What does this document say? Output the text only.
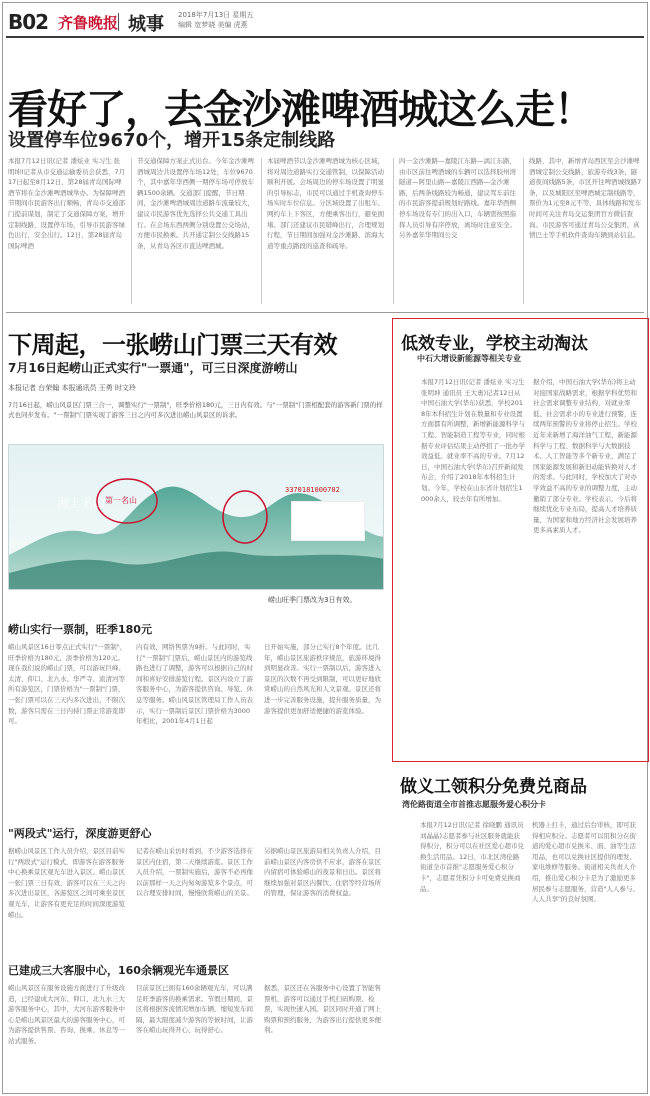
B02 齐鲁晚报 城事 2018年7月13日 星期五
编辑 宽梦晓 美编 虎燕
看好了，去金沙滩啤酒城这么走！
设置停车位9670个，增开15条定制线路
本报7月12日讯(记者 潘炫业 实习生 张明坤)记者从市交通运输委员会获悉，7月17日起至8月12日，第28届青岛国际啤酒节将在金沙滩啤酒城举办。为保障啤酒节期间市民游客出行顺畅，青岛市交通部门提前谋划，制定了交通保障方案，增开定制线路，设置停车场，引导市民游客绿色出行，安全出行。12日，第28届青岛国际啤酒
节交通保障方案正式出台。今年金沙滩啤酒城周边共设置停车场12处，车位9670个，其中嘉年华西侧一期停车场可停放车辆1500余辆。交通部门提醒，节日期间，金沙滩啤酒城周边道路车流量较大，建议市民游客优先选择公共交通工具出行。在会场东西两侧分别设置公交场站，方便市民换乘。共开通定制公交线路15条，从青岛各区市直达啤酒城。
本届啤酒节以金沙滩啤酒城为核心区域，将对周边道路实行交通管制，以保障活动顺利开展。会场周边的停车场设置了明显的引导标志，市民可以通过手机查询停车场实时车位信息。分区域设置了出租车、网约车上下客区，方便乘客出行，避免拥堵。部门还建议市民错峰出行，合理规划行程，节日期间加强对金沙滩路、滨海大道等重点路段的巡查和疏导。
四一金沙滩路—嘉陵江东路—漓江东路，由市区前往啤酒城的车辆可以选择胶州湾隧道—阿里山路—嘉陵江西路—金沙滩路，后两条线路较为畅通，建议驾车前往的市民游客提前规划好路线。嘉年华西侧停车场设有专门的出入口，车辆需按照指挥人员引导有序停放，离场时注意安全。另外嘉年华期间公交
线路，其中，新增青岛西区至会沙滩啤酒城定制公交线路，旅游专线3条、隧道夜间线路5条，市区开往啤酒城线路7条，以及城阳区至啤酒城定制线路等，票价为1元至8元不等，具体线路和发车时间可关注青岛交运集团官方微信查询。市民游客可通过青岛公交集团、真情巴士等手机软件查询车辆到站信息。
下周起，一张崂山门票三天有效
7月16日起崂山正式实行"一票通"，可三日深度游崂山
本报记者 台荣翰 本报通讯员 王勇 时文玲
7月16日起，崂山风景区门票三合一，调整实行"一票制"，旺季价格180元，三日内有效。与"一票制"门票相配套的游客新门票的样式也同步发布。"一票制"门票实现了游客三日之内可多次进出崂山风景区的诉求。
海上名山 第一名山
3370181000702
崂山旺季门票改为3日有效。
崂山实行一票制，旺季180元
崂山风景区16日零点正式实行"一票制"，旺季价格为180元，淡季价格为120元。现在我们说的崂山门票，可以游玩巨峰、太清、仰口、北九水、华严寺、流清河等所有游览区，门票价格为"一票制"门票，一张门票可以在三天内多次进出，不限次数，游客只需在三日内持门票正常游览即可。
内有效，网络售票为9折。与此同时，实行"一票制"门票后，崂山景区内的游览线路也进行了调整，游客可以根据自己的时间和喜好安排游览行程。景区内设立了游客服务中心，为游客提供咨询、导览、休息等服务。崂山风景区管理局工作人员表示，实行一票制后景区门票价格为3000年相比，2001年4月1日起
日开始实施，部分已实行8个年度。比几年，崂山景区旅游秩序规范，旅游环境得到明显改善。实行一票制以后，游客进入景区的次数不再受到限制，可以更好地欣赏崂山的自然风光和人文景观。景区还将进一步完善服务设施，提升服务质量，为游客提供更加舒适便捷的游览体验。
"两段式"运行，深度游更舒心
据崂山风景区工作人员介绍，景区目前实行"两段式"运行模式，即游客在游客服务中心换乘景区观光车进入景区。崂山景区一张门票三日有效，游客可以在三天之内多次进出景区，各游览区之间可乘坐景区观光车，让游客有更充足的时间深度游览崂山。
记者在崂山采访时看到，不少游客选择在景区内住宿，第二天继续游览。景区工作人员介绍，一票制实施后，游客不必再像以前那样一天之内匆匆游览多个景点，可以合理安排时间，慢慢欣赏崂山的美景。
另据崂山景区旅游局相关负责人介绍，目前崂山景区内客房供不应求，游客在景区内留宿可体验崂山的夜景和日出。景区将继续加强对景区内餐饮、住宿等经营场所的管理，保证游客的消费权益。
已建成三大客服中心，160余辆观光车通景区
崂山风景区在服务设施方面进行了升级改造，已经建成大河东、仰口、北九水三大游客服务中心，其中，大河东游客服务中心是崂山风景区最大的游客服务中心，可为游客提供售票、咨询、换乘、休息等一站式服务。
目前景区已拥有160余辆观光车，可以满足旺季游客的换乘需求。节假日期间，景区将根据客流情况增加车辆，缩短发车间隔，最大限度减少游客的等候时间，让游客在崂山玩得开心、玩得舒心。
据悉，景区还在各服务中心设置了智能售票机，游客可以通过手机扫码购票、检票，实现快速入园。景区同时开通了网上购票和预约服务，为游客出行提供更多便利。
低效专业，学校主动淘汰
中石大增设新能源等相关专业
本报7月12日讯(记者 潘炫业 实习生 张明坤 通讯员 王大勇)记者12日从中国石油大学(华东)获悉，学校2018年本科招生计划在数量和专业设置方面都有所调整，新增新能源科学与工程、智能制造工程等专业，同时根据专业评估结果主动停招了一批办学效益低、就业率不高的专业。7月12日，中国石油大学(华东)召开新闻发布会，介绍了2018年本科招生计划。今年，学校在山东省计划招生1000余人，较去年有所增加。
据介绍，中国石油大学(华东)将主动对接国家战略需求，根据学科优势和社会需求调整专业结构，对就业率低、社会需求小的专业进行预警，连续两年预警的专业将停止招生。学校近年来新增了海洋油气工程、新能源科学与工程、数据科学与大数据技术、人工智能等多个新专业，满足了国家能源发展和新旧动能转换对人才的需求。与此同时，学校加大了对办学效益不高的专业的调整力度，主动撤销了部分专业。学校表示，今后将继续优化专业布局，提高人才培养质量，为国家和地方经济社会发展培养更多高素质人才。
做义工领积分免费兑商品
湾伦路街道全市首推志愿服务爱心积分卡
本报7月12日讯(记者 徐晓鹏 通讯员 刘晶晶)志愿者参与社区服务就能获得积分，积分可以在社区爱心超市兑换生活用品。12日，市北区湾伦路街道全市首推"志愿服务爱心积分卡"，志愿者凭积分卡可免费兑换商品。
机器上打卡，通过后台审核，即可获得相应积分。志愿者可以用积分在街道的爱心超市兑换米、面、油等生活用品，也可以兑换社区提供的理发、家电维修等服务。街道相关负责人介绍，推出爱心积分卡是为了激励更多居民参与志愿服务，营造"人人参与、人人共享"的良好氛围。
